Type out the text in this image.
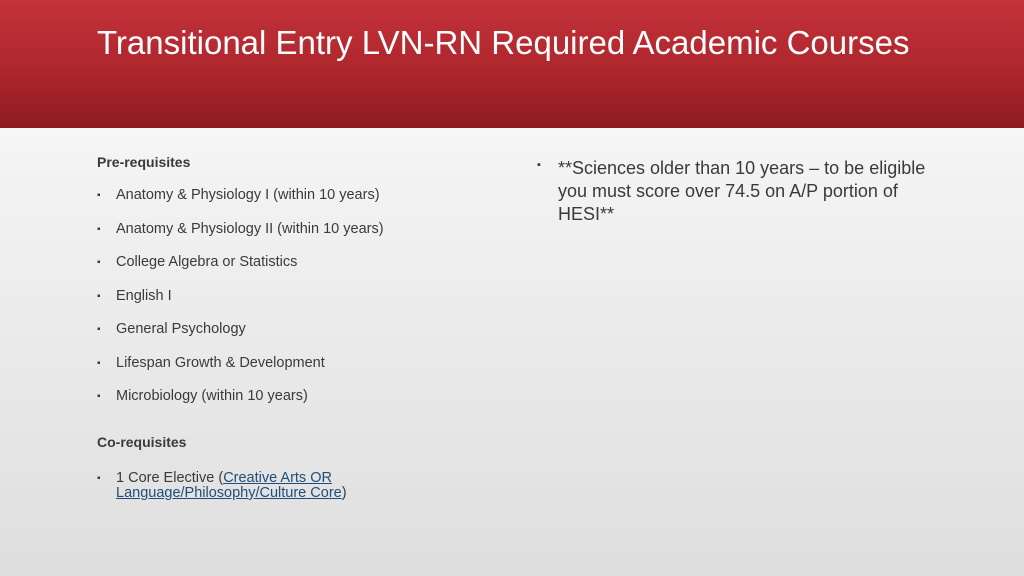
Transitional Entry LVN-RN Required Academic Courses
Pre-requisites
▪ Anatomy & Physiology I (within 10 years)
▪ Anatomy & Physiology II (within 10 years)
▪ College Algebra or Statistics
▪ English I
▪ General Psychology
▪ Lifespan Growth & Development
▪ Microbiology (within 10 years)
Co-requisites
▪ 1 Core Elective (Creative Arts OR Language/Philosophy/Culture Core)
▪ **Sciences older than 10 years – to be eligible you must score over 74.5 on A/P portion of HESI**
